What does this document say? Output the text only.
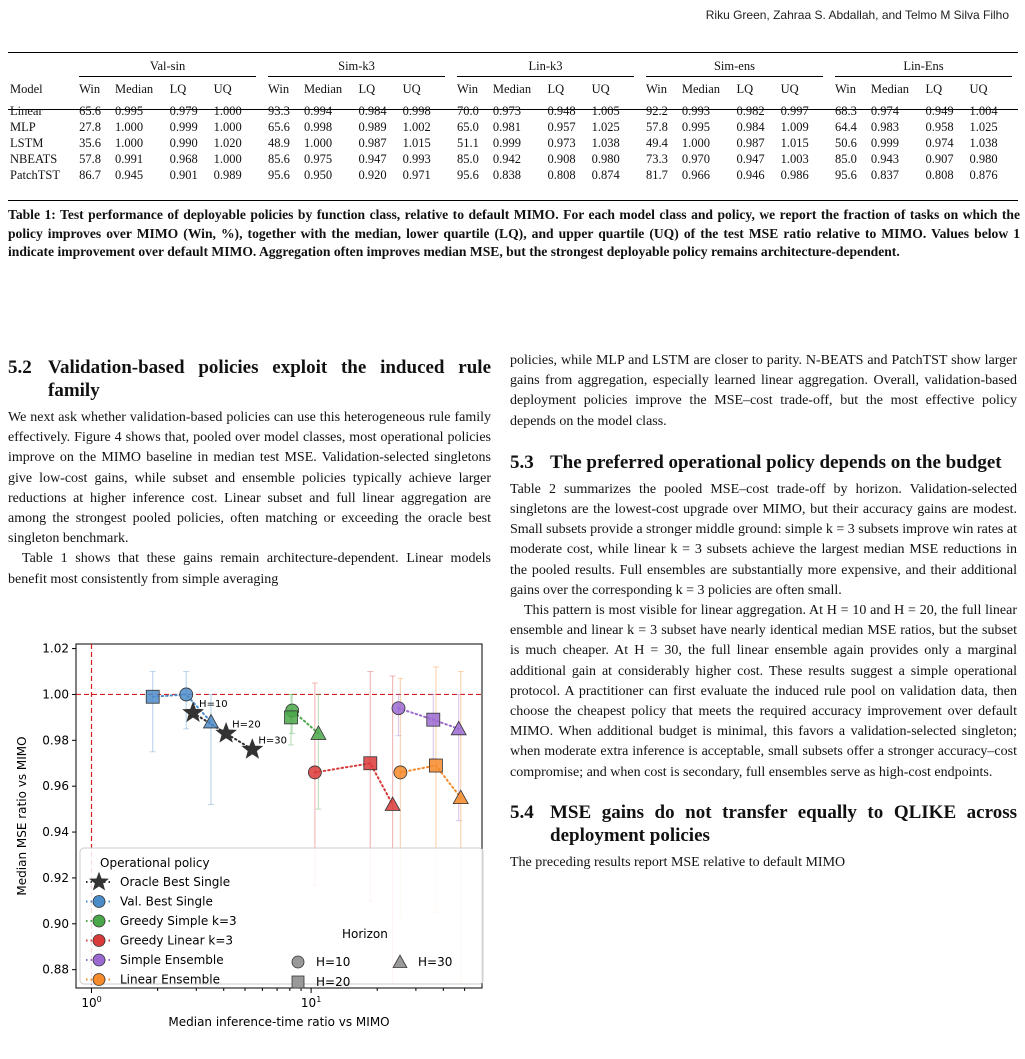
Riku Green, Zahraa S. Abdallah, and Telmo M Silva Filho

	Val-sin				Sim-k3				Lin-k3				Sim-ens				Lin-Ens			

Model	Win	Median	LQ	UQ	Win	Median	LQ	UQ	Win	Median	LQ	UQ	Win	Median	LQ	UQ	Win	Median	LQ	UQ
Linear	65.6	0.995	0.979	1.000	93.3	0.994	0.984	0.998	70.0	0.973	0.948	1.005	92.2	0.993	0.982	0.997	68.3	0.974	0.949	1.004
MLP	27.8	1.000	0.999	1.000	65.6	0.998	0.989	1.002	65.0	0.981	0.957	1.025	57.8	0.995	0.984	1.009	64.4	0.983	0.958	1.025
LSTM	35.6	1.000	0.990	1.020	48.9	1.000	0.987	1.015	51.1	0.999	0.973	1.038	49.4	1.000	0.987	1.015	50.6	0.999	0.974	1.038
NBEATS	57.8	0.991	0.968	1.000	85.6	0.975	0.947	0.993	85.0	0.942	0.908	0.980	73.3	0.970	0.947	1.003	85.0	0.943	0.907	0.980
PatchTST	86.7	0.945	0.901	0.989	95.6	0.950	0.920	0.971	95.6	0.838	0.808	0.874	81.7	0.966	0.946	0.986	95.6	0.837	0.808	0.876
Table 1: Test performance of deployable policies by function class, relative to default MIMO. For each model class and policy, we report the fraction of tasks on which the policy improves over MIMO (Win, %), together with the median, lower quartile (LQ), and upper quartile (UQ) of the test MSE ratio relative to MIMO. Values below 1 indicate improvement over default MIMO. Aggregation often improves median MSE, but the strongest deployable policy remains architecture-dependent.
5.2 Validation-based policies exploit the induced rule family

We next ask whether validation-based policies can use this heterogeneous rule family effectively. Figure 4 shows that, pooled over model classes, most operational policies improve on the MIMO baseline in median test MSE. Validation-selected singletons give low-cost gains, while subset and ensemble policies typically achieve larger reductions at higher inference cost. Linear subset and full linear aggregation are among the strongest pooled policies, often matching or exceeding the oracle best singleton benchmark.

Table 1 shows that these gains remain architecture-dependent. Linear models benefit most consistently from simple averaging

0.88
0.90
0.92
0.94
0.96
0.98
1.00
1.02
$10^0$	$10^1$
Median inference-time ratio vs MIMO
Median MSE ratio vs MIMO
H=10
H=20
H=30
Operational policy
Oracle Best Single
Val. Best Single
Greedy Simple k=3
Greedy Linear k=3
Simple Ensemble
Linear Ensemble
Horizon
H=10
H=20
H=30

policies, while MLP and LSTM are closer to parity. N-BEATS and PatchTST show larger gains from aggregation, especially learned linear aggregation. Overall, validation-based deployment policies improve the MSE–cost trade-off, but the most effective policy depends on the model class.

5.3 The preferred operational policy depends on the budget

Table 2 summarizes the pooled MSE–cost trade-off by horizon. Validation-selected singletons are the lowest-cost upgrade over MIMO, but their accuracy gains are modest. Small subsets provide a stronger middle ground: simple k = 3 subsets improve win rates at moderate cost, while linear k = 3 subsets achieve the largest median MSE reductions in the pooled results. Full ensembles are substantially more expensive, and their additional gains over the corresponding k = 3 policies are often small.

This pattern is most visible for linear aggregation. At H = 10 and H = 20, the full linear ensemble and linear k = 3 subset have nearly identical median MSE ratios, but the subset is much cheaper. At H = 30, the full linear ensemble again provides only a marginal additional gain at considerably higher cost. These results suggest a simple operational protocol. A practitioner can first evaluate the induced rule pool on validation data, then choose the cheapest policy that meets the required accuracy improvement over default MIMO. When additional budget is minimal, this favors a validation-selected singleton; when moderate extra inference is acceptable, small subsets offer a stronger accuracy–cost compromise; and when cost is secondary, full ensembles serve as high-cost endpoints.

5.4 MSE gains do not transfer equally to QLIKE across deployment policies

The preceding results report MSE relative to default MIMO
